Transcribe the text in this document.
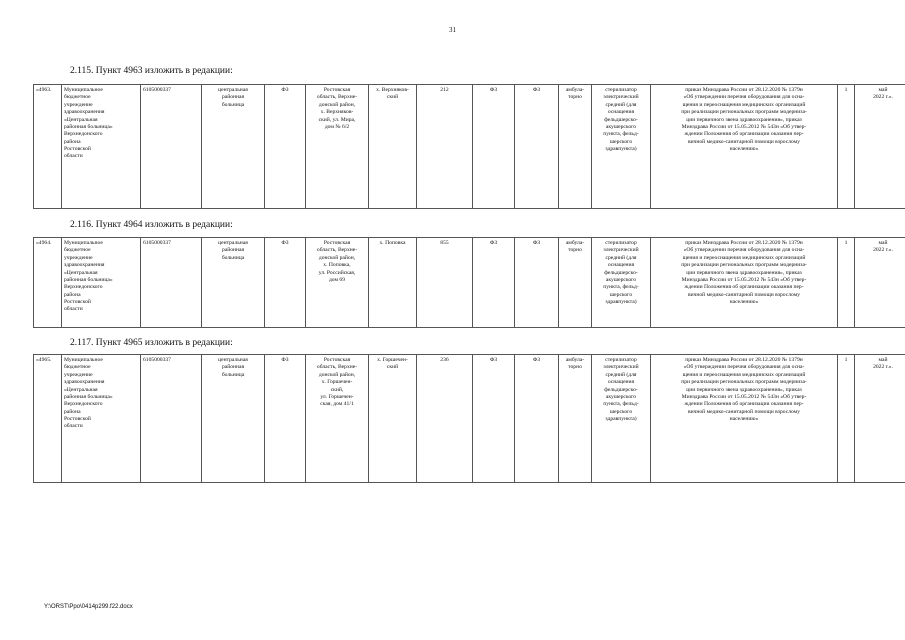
31
2.115. Пункт 4963 изложить в редакции:
«4963.	Муниципальное
бюджетное
учреждение
здравоохранения
«Центральная
районная больница»
Верхнедонского
района
Ростовской
области	6105000337	центральная
районная
больница	ФЗ	Ростовская
область, Верхне-
донской район,
х. Верхняков-
ский, ул. Мира,
дом № 6/2	х. Верхняков-
ский	212	ФЗ	ФЗ	амбула-
торно	стерилизатор
электрический
средний (для
оснащения
фельдшерско-
акушерского
пункта, фельд-
шерского
здравпункта)	приказ Минздрава России от 28.12.2020 № 1379н
«Об утверждении перечня оборудования для осна-
щения и переоснащения медицинских организаций
при реализации региональных программ модерниза-
ции первичного звена здравоохранения», приказ
Минздрава России от 15.05.2012 № 543н «Об утвер-
ждении Положения об организации оказания пер-
вичной медико-санитарной помощи взрослому
населению»	1	май
2022 г.».
2.116. Пункт 4964 изложить в редакции:
«4964.	Муниципальное
бюджетное
учреждение
здравоохранения
«Центральная
районная больница»
Верхнедонского
района
Ростовской
области	6105000337	центральная
районная
больница	ФЗ	Ростовская
область, Верхне-
донской район,
х. Поповка,
ул. Российская,
дом 69	х. Поповка	855	ФЗ	ФЗ	амбула-
торно	стерилизатор
электрический
средний (для
оснащения
фельдшерско-
акушерского
пункта, фельд-
шерского
здравпункта)	приказ Минздрава России от 28.12.2020 № 1379н
«Об утверждении перечня оборудования для осна-
щения и переоснащения медицинских организаций
при реализации региональных программ модерниза-
ции первичного звена здравоохранения», приказ
Минздрава России от 15.05.2012 № 543н «Об утвер-
ждении Положения об организации оказания пер-
вичной медико-санитарной помощи взрослому
населению»	1	май
2022 г.».
2.117. Пункт 4965 изложить в редакции:
«4965.	Муниципальное
бюджетное
учреждение
здравоохранения
«Центральная
районная больница»
Верхнедонского
района
Ростовской
области	6105000337	центральная
районная
больница	ФЗ	Ростовская
область, Верхне-
донской район,
х. Горшечен-
ский,
ул. Горшечен-
ская, дом 41/1	х. Горшечен-
ский	236	ФЗ	ФЗ	амбула-
торно	стерилизатор
электрический
средний (для
оснащения
фельдшерско-
акушерского
пункта, фельд-
шерского
здравпункта)	приказ Минздрава России от 28.12.2020 № 1379н
«Об утверждении перечня оборудования для осна-
щения и переоснащения медицинских организаций
при реализации региональных программ модерниза-
ции первичного звена здравоохранения», приказ
Минздрава России от 15.05.2012 № 543н «Об утвер-
ждении Положения об организации оказания пер-
вичной медико-санитарной помощи взрослому
населению»	1	май
2022 г.».
Y:\ORST\Ppo\0414p299.f22.docx
